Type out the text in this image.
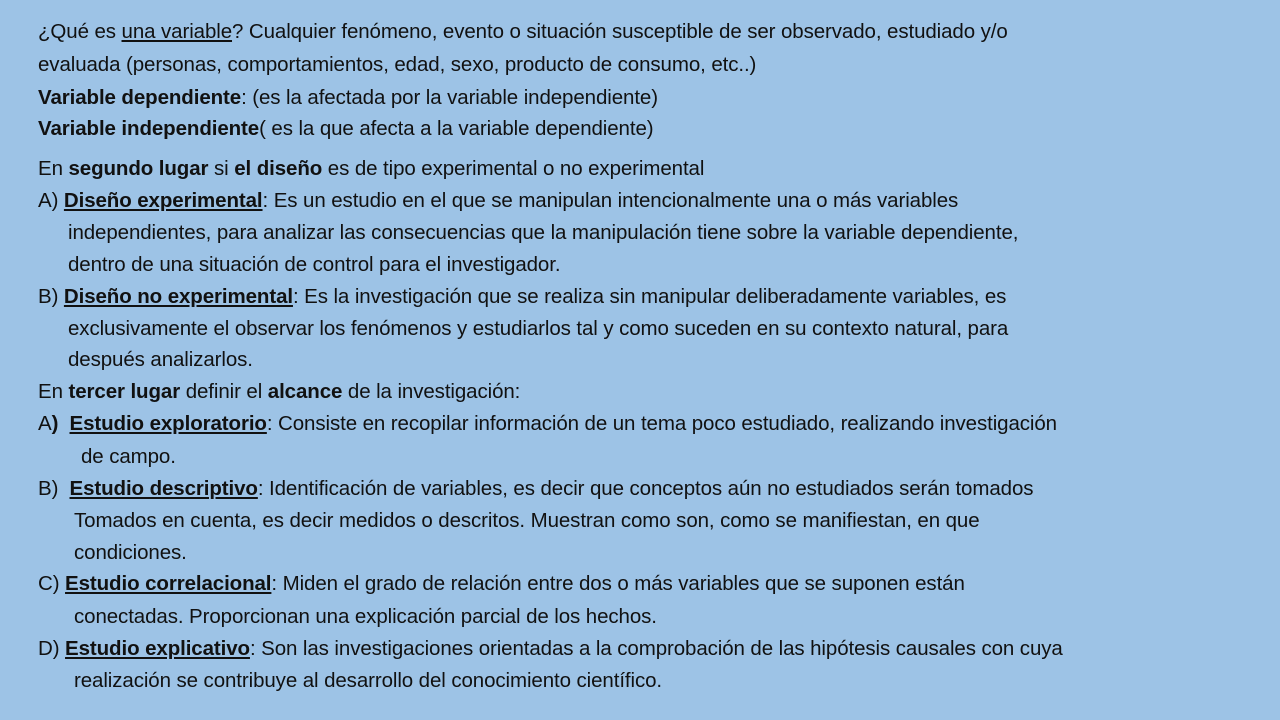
¿Qué es una variable? Cualquier fenómeno, evento o situación susceptible de ser observado, estudiado y/o
evaluada (personas, comportamientos, edad, sexo, producto de consumo, etc..)
Variable dependiente: (es la afectada por la variable independiente)
Variable independiente( es la que afecta a la variable dependiente)
En segundo lugar si el diseño es de tipo experimental o no experimental
A) Diseño experimental: Es un estudio en el que se manipulan intencionalmente una o más variables
independientes, para analizar las consecuencias que la manipulación tiene sobre la variable dependiente,
dentro de una situación de control para el investigador.
B) Diseño no experimental: Es la investigación que se realiza sin manipular deliberadamente variables, es
exclusivamente el observar los fenómenos y estudiarlos tal y como suceden en su contexto natural, para
después analizarlos.
En tercer lugar definir el alcance de la investigación:
A) Estudio exploratorio: Consiste en recopilar información de un tema poco estudiado, realizando investigación
de campo.
B) Estudio descriptivo: Identificación de variables, es decir que conceptos aún no estudiados serán tomados
Tomados en cuenta, es decir medidos o descritos. Muestran como son, como se manifiestan, en que
condiciones.
C) Estudio correlacional: Miden el grado de relación entre dos o más variables que se suponen están
conectadas. Proporcionan una explicación parcial de los hechos.
D) Estudio explicativo: Son las investigaciones orientadas a la comprobación de las hipótesis causales con cuya
realización se contribuye al desarrollo del conocimiento científico.
